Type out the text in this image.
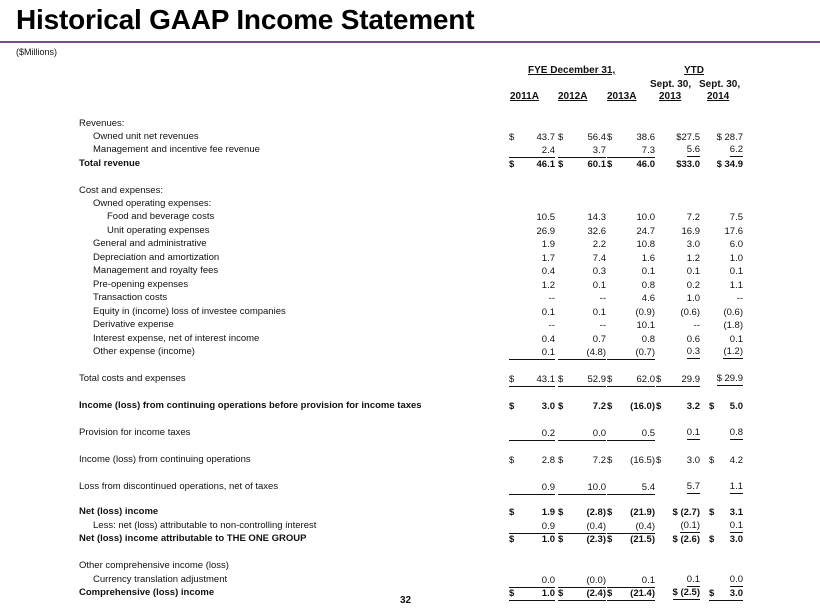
Historical GAAP Income Statement
($Millions)
FYE December 31,	YTD
Sept. 30, Sept. 30,
2011A 2012A 2013A 2013	2014
Revenues:
Owned unit net revenues	$ 43.7 $	56.4 $	38.6 $27.5 $ 28.7
Management and incentive fee revenue	2.4	3.7	7.3	5.6	6.2
Total revenue	$ 46.1 $	60.1 $	46.0 $33.0 $ 34.9
Cost and expenses:
Owned operating expenses:
Food and beverage costs	10.5	14.3	10.0	7.2	7.5
Unit operating expenses	26.9	32.6	24.7	16.9	17.6
General and administrative	1.9	2.2	10.8	3.0	6.0
Depreciation and amortization	1.7	7.4	1.6	1.2	1.0
Management and royalty fees	0.4	0.3	0.1	0.1	0.1
Pre-opening expenses	1.2	0.1	0.8	0.2	1.1
Transaction costs	--	--	4.6	1.0	--
Equity in (income) loss of investee companies	0.1	0.1	(0.9)	(0.6) (0.6)
Derivative expense	--	--	10.1	-- (1.8)
Interest expense, net of interest income	0.4	0.7	0.8	0.6	0.1
Other expense (income)	0.1	(4.8)	(0.7)	0.3 (1.2)
Total costs and expenses	$ 43.1 $	52.9 $	62.0 $ 29.9 $ 29.9
Income (loss) from continuing operations before provision for income taxes	$	3.0 $	7.2 $ (16.0) $	3.2 $ 5.0
Provision for income taxes	0.2	0.0	0.5	0.1	0.8
Income (loss) from continuing operations	$	2.8 $	7.2 $ (16.5) $	3.0 $ 4.2
Loss from discontinued operations, net of taxes	0.9	10.0	5.4	5.7	1.1
Net (loss) income	$	1.9 $ (2.8) $ (21.9) $ (2.7) $ 3.1
Less: net (loss) attributable to non-controlling interest	0.9	(0.4)	(0.4)	(0.1)	0.1
Net (loss) income attributable to THE ONE GROUP	$	1.0 $ (2.3) $ (21.5) $ (2.6) $ 3.0
Other comprehensive income (loss)
Currency translation adjustment	0.0	(0.0)	0.1	0.1	0.0
Comprehensive (loss) income	$	1.0 $ (2.4) $ (21.4) $ (2.5) $ 3.0
32
